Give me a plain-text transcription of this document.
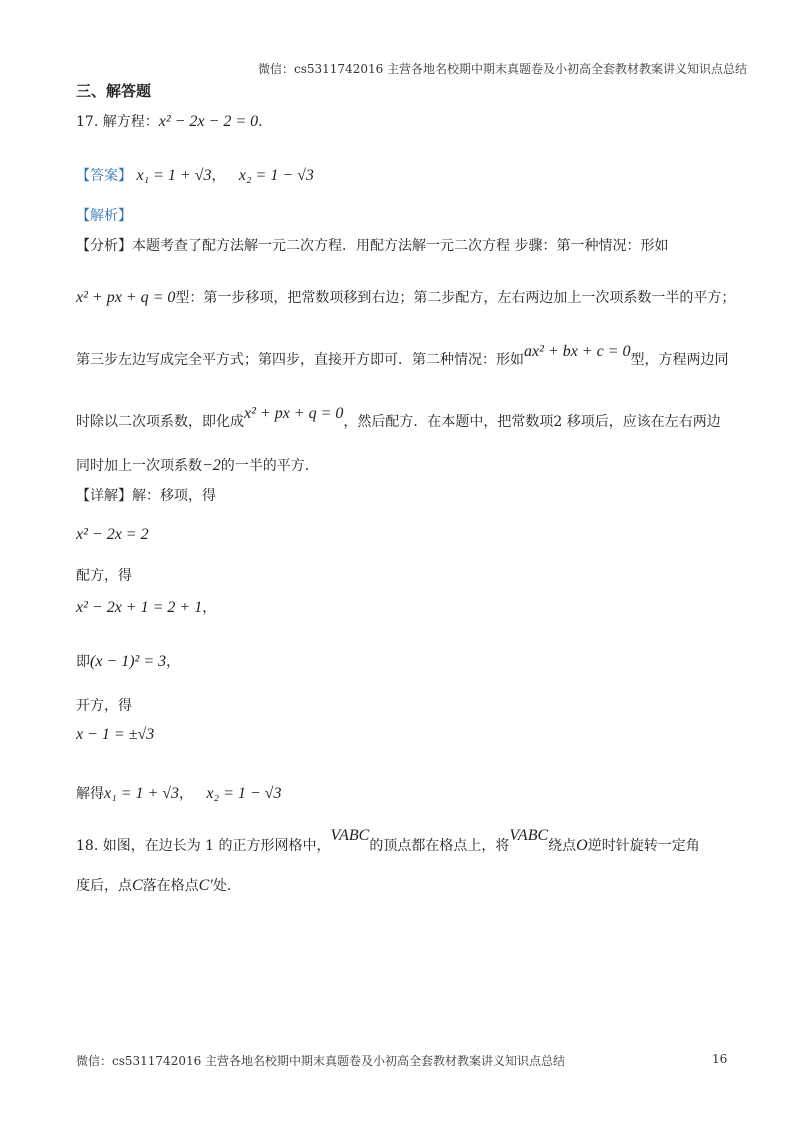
微信：cs5311742016 主营各地名校期中期末真题卷及小初高全套教材教案讲义知识点总结
三、解答题
17. 解方程：x² − 2x − 2 = 0.
【答案】 x₁ = 1 + √3， x₂ = 1 − √3
【解析】
【分析】本题考查了配方法解一元二次方程．用配方法解一元二次方程 步骤：第一种情况：形如
x² + px + q = 0型：第一步移项，把常数项移到右边；第二步配方，左右两边加上一次项系数一半的平方；
第三步左边写成完全平方式；第四步，直接开方即可．第二种情况：形如ax² + bx + c = 0型，方程两边同
时除以二次项系数，即化成x² + px + q = 0，然后配方．在本题中，把常数项2 移项后，应该在左右两边
同时加上一次项系数−2的一半的平方．
【详解】解：移项，得
x² − 2x = 2
配方，得
x² − 2x + 1 = 2 + 1，
即(x − 1)² = 3，
开方，得
x − 1 = ±√3
解得x₁ = 1 + √3， x₂ = 1 − √3
18. 如图，在边长为 1 的正方形网格中，VABC的顶点都在格点上，将VABC绕点O逆时针旋转一定角
度后，点C落在格点C′处.
微信：cs5311742016 主营各地名校期中期末真题卷及小初高全套教材教案讲义知识点总结	16
